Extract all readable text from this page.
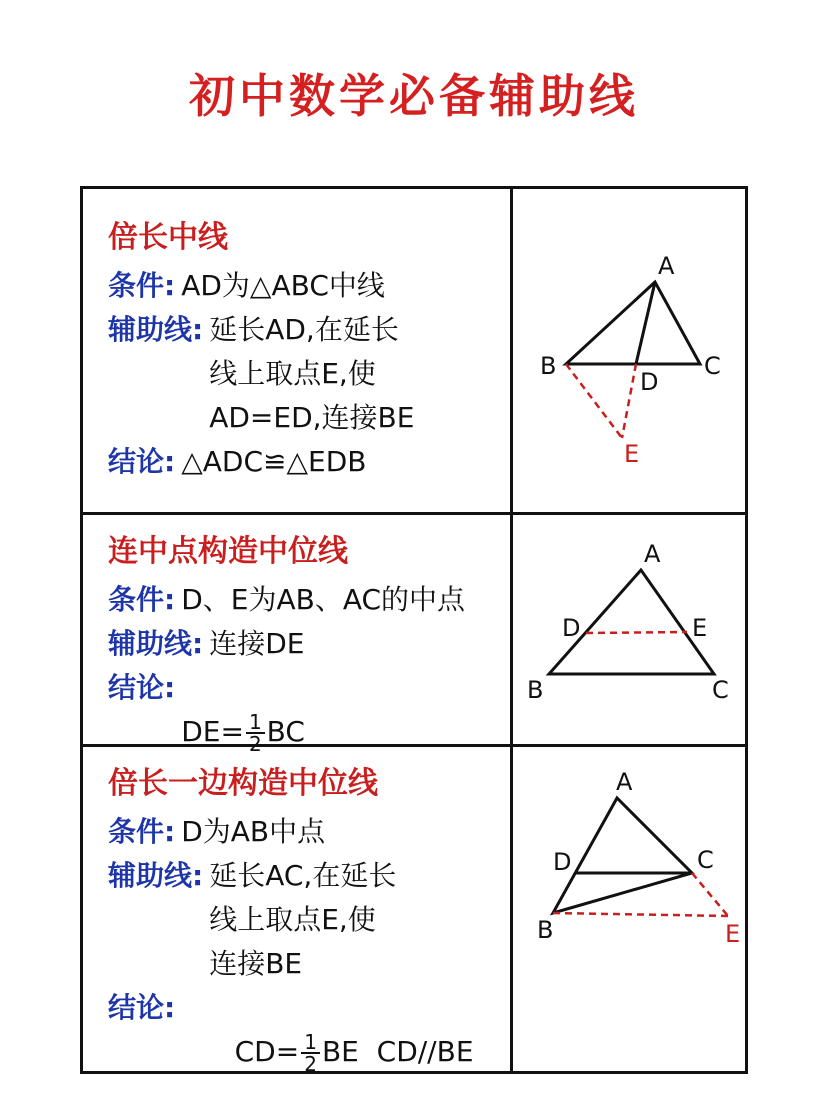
初中数学必备辅助线
倍长中线
条件 : AD为△ABC中线
辅助线 : 延长AD,在延长
线上取点E,使
AD=ED,连接BE
结论 : △ADC≌△EDB
连中点构造中位线
条件 : D、E为AB、AC的中点
辅助线 : 连接DE
结论 :

$DE= \frac{1}{2}$ BC

倍长一边构造中位线
条件 : D为AB中点
辅助线 : 延长AC,在延长
线上取点E,使
连接BE
结论 :

$CD= \frac{1}{2}$ BE  CD//BE

A
B	C
D
E
A
B	C
D	E
A
B
C
D
E
